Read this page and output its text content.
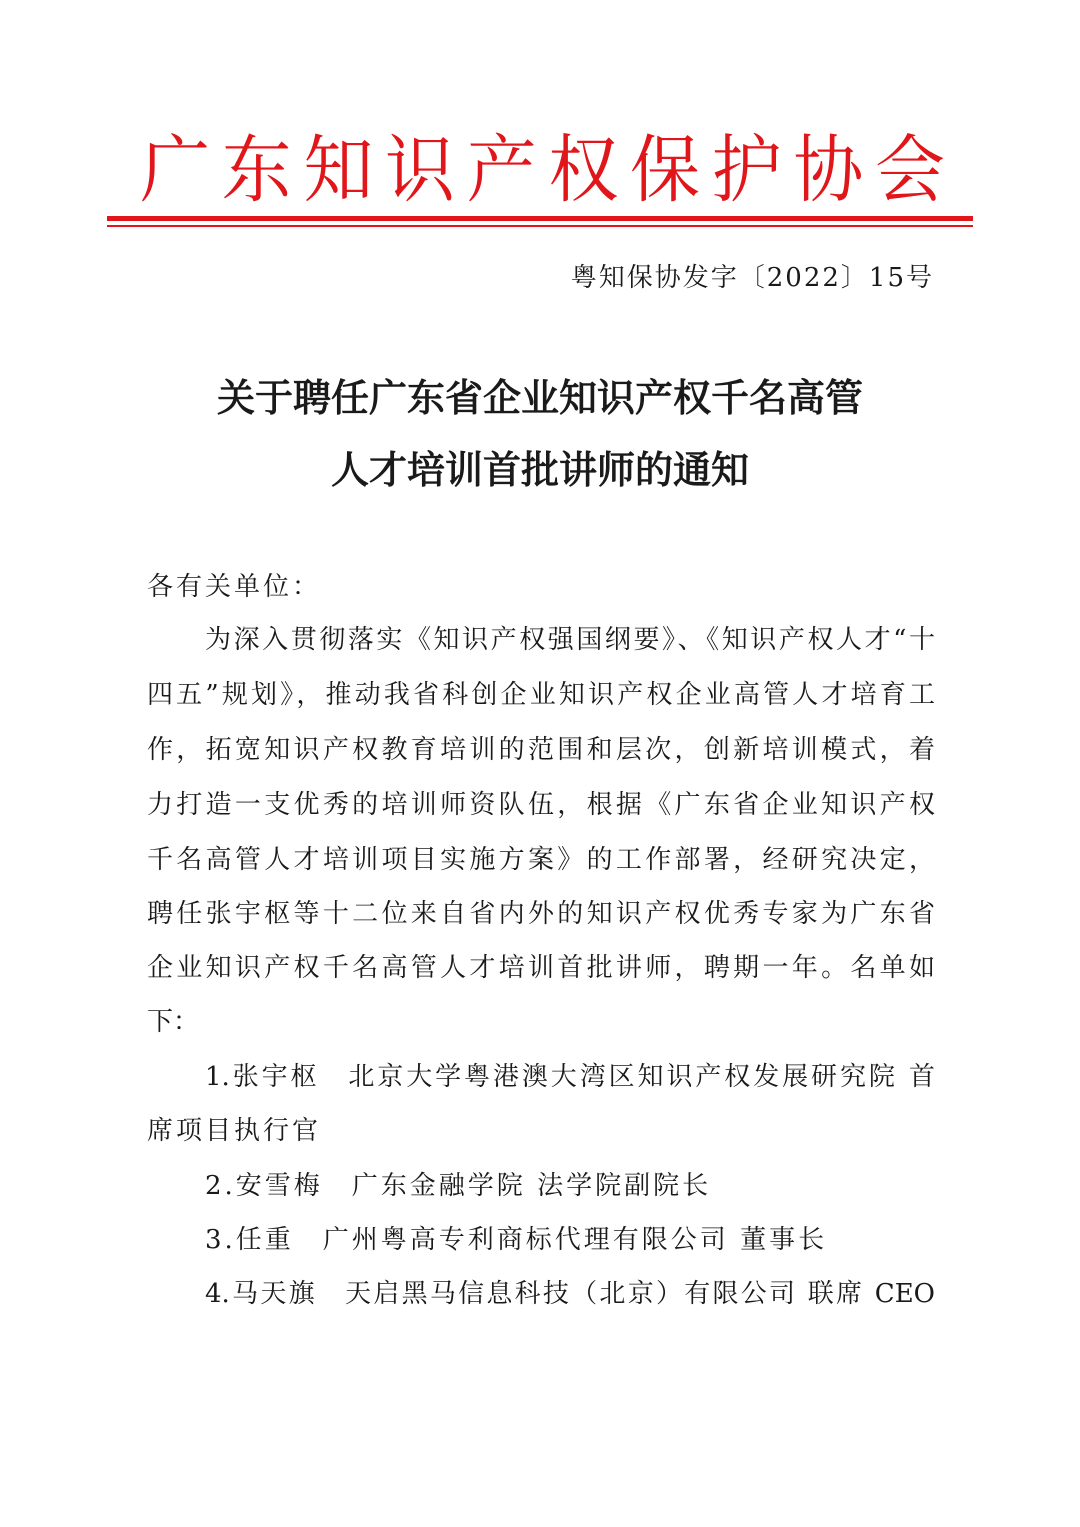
广东知识产权保护协会
粤知保协发字〔2022〕15号
关于聘任广东省企业知识产权千名高管
人才培训首批讲师的通知
各有关单位：
为深入贯彻落实《知识产权强国纲要》、《知识产权人才“十
四五”规划》，推动我省科创企业知识产权企业高管人才培育工
作，拓宽知识产权教育培训的范围和层次，创新培训模式，着
力打造一支优秀的培训师资队伍，根据《广东省企业知识产权
千名高管人才培训项目实施方案》的工作部署，经研究决定，
聘任张宇枢等十二位来自省内外的知识产权优秀专家为广东省
企业知识产权千名高管人才培训首批讲师，聘期一年。名单如
下：
1.张宇枢　北京大学粤港澳大湾区知识产权发展研究院 首
席项目执行官
2.安雪梅　广东金融学院 法学院副院长
3.任重　广州粤高专利商标代理有限公司 董事长
4.马天旗　天启黑马信息科技（北京）有限公司 联席 CEO
